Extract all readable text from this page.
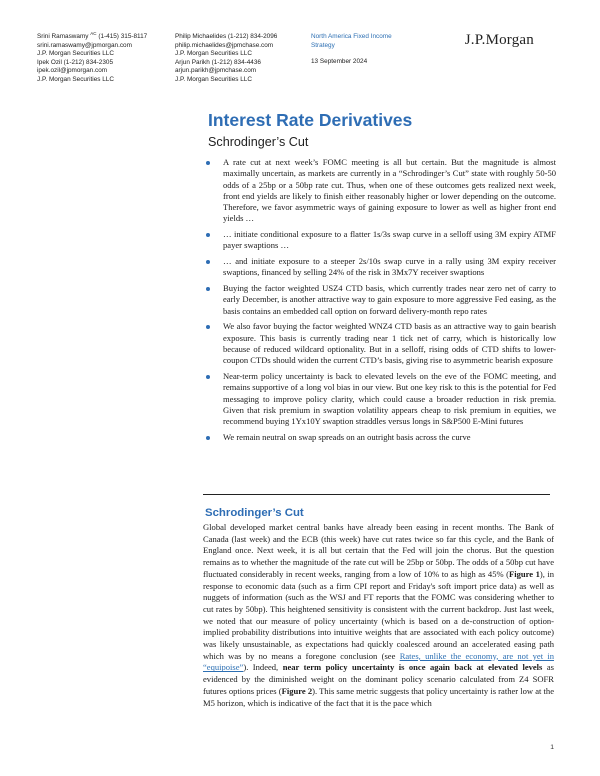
Srini Ramaswamy $^{AC}$ (1-415) 315-8117

srini.ramaswamy@jpmorgan.com

J.P. Morgan Securities LLC

Ipek Ozil (1-212) 834-2305

ipek.ozil@jpmorgan.com

J.P. Morgan Securities LLC

Philip Michaelides (1-212) 834-2096

philip.michaelides@jpmchase.com

J.P. Morgan Securities LLC

Arjun Parikh (1-212) 834-4436

arjun.parikh@jpmchase.com

J.P. Morgan Securities LLC

North America Fixed Income

Strategy

13 September 2024

J.P.Morgan
Interest Rate Derivatives
Schrodinger’s Cut
A rate cut at next week’s FOMC meeting is all but certain. But the magnitude is almost maximally uncertain, as markets are currently in a “Schrodinger’s Cut” state with roughly 50-50 odds of a 25bp or a 50bp rate cut. Thus, when one of these outcomes gets realized next week, front end yields are likely to finish either reasonably higher or lower depending on the outcome. Therefore, we favor asymmetric ways of gaining exposure to lower as well as higher front end yields …
… initiate conditional exposure to a flatter 1s/3s swap curve in a selloff using 3M expiry ATMF payer swaptions …
… and initiate exposure to a steeper 2s/10s swap curve in a rally using 3M expiry receiver swaptions, financed by selling 24% of the risk in 3Mx7Y receiver swaptions
Buying the factor weighted USZ4 CTD basis, which currently trades near zero net of carry to early December, is another attractive way to gain exposure to more aggressive Fed easing, as the basis contains an embedded call option on forward delivery-month repo rates
We also favor buying the factor weighted WNZ4 CTD basis as an attractive way to gain bearish exposure. This basis is currently trading near 1 tick net of carry, which is historically low because of reduced wildcard optionality. But in a selloff, rising odds of CTD shifts to lower-coupon CTDs should widen the current CTD’s basis, giving rise to asymmetric bearish exposure
Near-term policy uncertainty is back to elevated levels on the eve of the FOMC meeting, and remains supportive of a long vol bias in our view. But one key risk to this is the potential for Fed messaging to improve policy clarity, which could cause a broader reduction in risk premia. Given that risk premium in swaption volatility appears cheap to risk premium in equities, we recommend buying 1Yx10Y swaption straddles versus longs in S&P500 E-Mini futures
We remain neutral on swap spreads on an outright basis across the curve
Schrodinger’s Cut

Global developed market central banks have already been easing in recent months. The Bank of Canada (last week) and the ECB (this week) have cut rates twice so far this cycle, and the Bank of England once. Next week, it is all but certain that the Fed will join the chorus. But the question remains as to whether the magnitude of the rate cut will be 25bp or 50bp. The odds of a 50bp cut have fluctuated considerably in recent weeks, ranging from a low of 10% to as high as 45% (Figure 1), in response to economic data (such as a firm CPI report and Friday's soft import price data) as well as nuggets of information (such as the WSJ and FT reports that the FOMC was considering whether to cut rates by 50bp). This heightened sensitivity is consistent with the current backdrop. Just last week, we noted that our measure of policy uncertainty (which is based on a de-construction of option-implied probability distributions into intuitive weights that are associated with each policy outcome) was likely unsustainable, as expectations had quickly coalesced around an accelerated easing path which was by no means a foregone conclusion (see Rates, unlike the economy, are not yet in “equipoise”). Indeed, near term policy uncertainty is once again back at elevated levels as evidenced by the diminished weight on the dominant policy scenario calculated from Z4 SOFR futures options prices (Figure 2). This same metric suggests that policy uncertainty is rather low at the M5 horizon, which is indicative of the fact that it is the pace which

1
